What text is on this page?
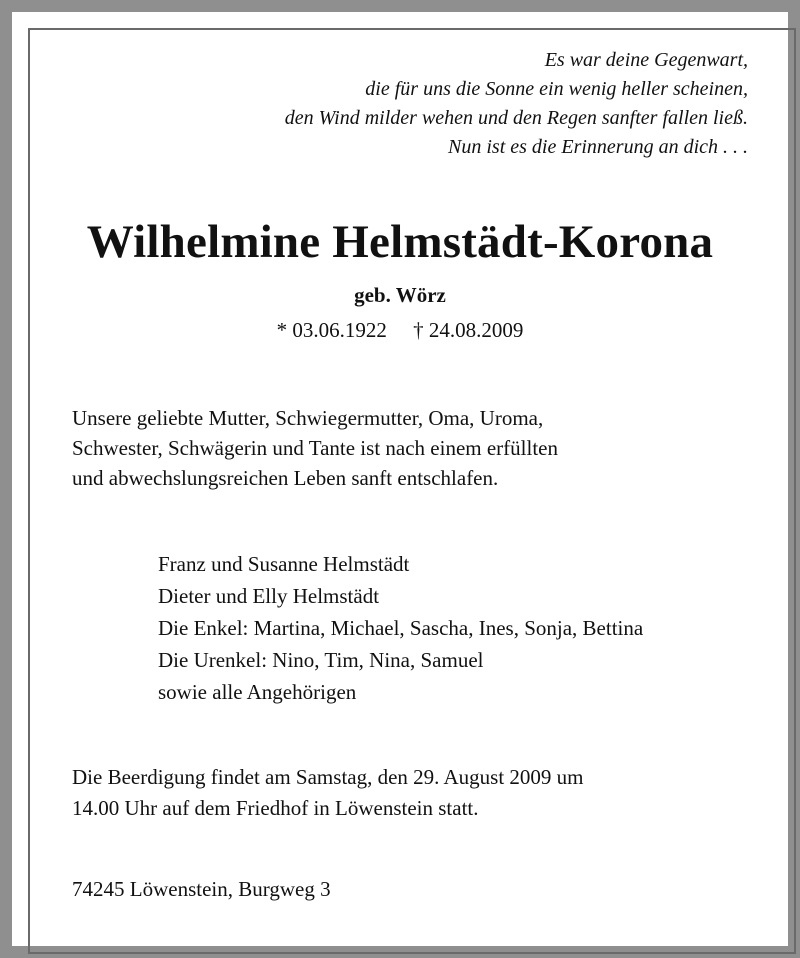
Es war deine Gegenwart,
die für uns die Sonne ein wenig heller scheinen,
den Wind milder wehen und den Regen sanfter fallen ließ.
Nun ist es die Erinnerung an dich . . .
Wilhelmine Helmstädt-Korona
geb. Wörz
* 03.06.1922 † 24.08.2009
Unsere geliebte Mutter, Schwiegermutter, Oma, Uroma,
Schwester, Schwägerin und Tante ist nach einem erfüllten
und abwechslungsreichen Leben sanft entschlafen.
Franz und Susanne Helmstädt
Dieter und Elly Helmstädt
Die Enkel: Martina, Michael, Sascha, Ines, Sonja, Bettina
Die Urenkel: Nino, Tim, Nina, Samuel
sowie alle Angehörigen
Die Beerdigung findet am Samstag, den 29. August 2009 um
14.00 Uhr auf dem Friedhof in Löwenstein statt.
74245 Löwenstein, Burgweg 3
